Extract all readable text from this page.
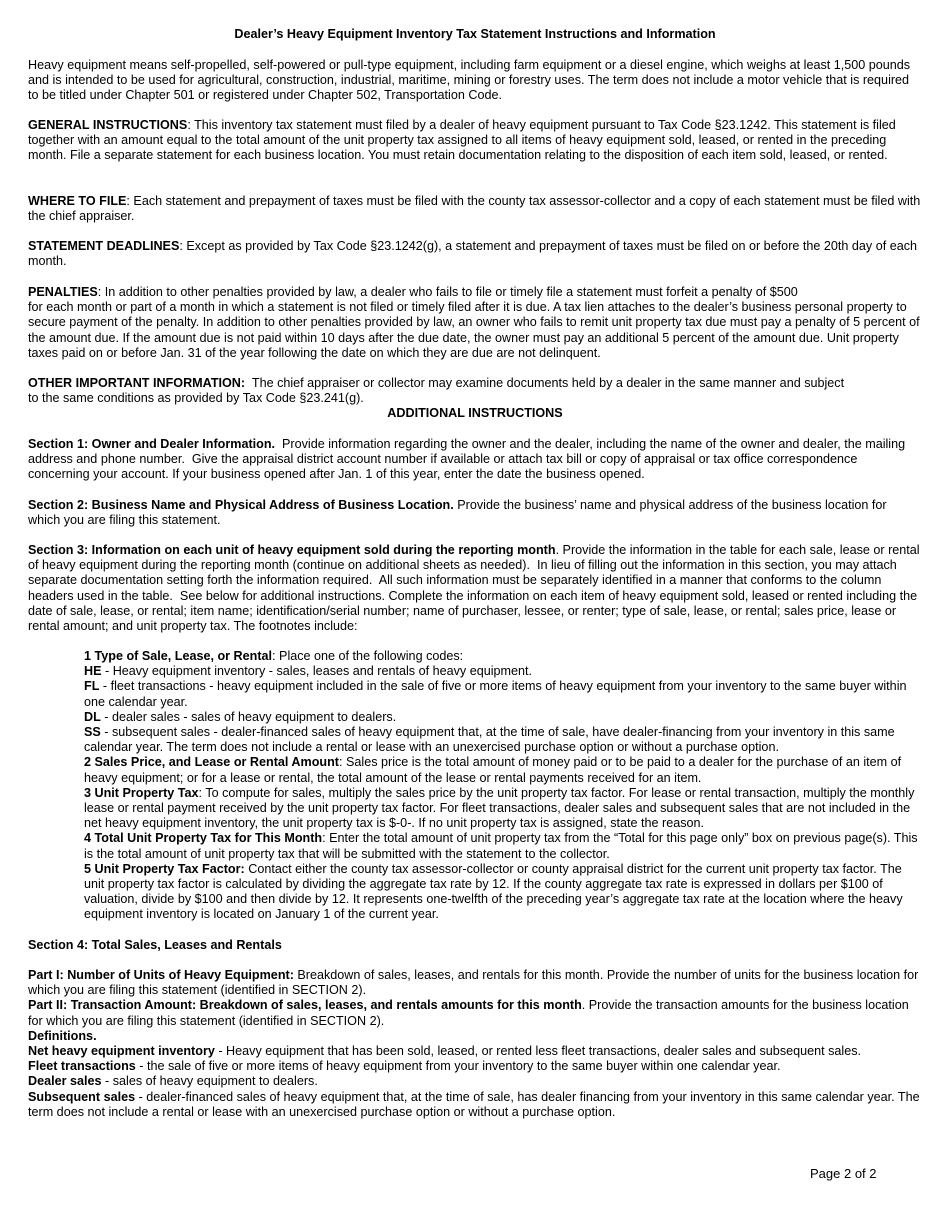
Dealer’s Heavy Equipment Inventory Tax Statement Instructions and Information

Heavy equipment means self-propelled, self-powered or pull-type equipment, including farm equipment or a diesel engine, which weighs at least 1,500 pounds and is intended to be used for agricultural, construction, industrial, maritime, mining or forestry uses. The term does not include a motor vehicle that is required to be titled under Chapter 501 or registered under Chapter 502, Transportation Code.

GENERAL INSTRUCTIONS: This inventory tax statement must filed by a dealer of heavy equipment pursuant to Tax Code §23.1242. This statement is filed together with an amount equal to the total amount of the unit property tax assigned to all items of heavy equipment sold, leased, or rented in the preceding month. File a separate statement for each business location. You must retain documentation relating to the disposition of each item sold, leased, or rented.

WHERE TO FILE: Each statement and prepayment of taxes must be filed with the county tax assessor-collector and a copy of each statement must be filed with the chief appraiser.

STATEMENT DEADLINES: Except as provided by Tax Code §23.1242(g), a statement and prepayment of taxes must be filed on or before the 20th day of each month.

PENALTIES: In addition to other penalties provided by law, a dealer who fails to file or timely file a statement must forfeit a penalty of $500
for each month or part of a month in which a statement is not filed or timely filed after it is due. A tax lien attaches to the dealer’s business personal property to secure payment of the penalty. In addition to other penalties provided by law, an owner who fails to remit unit property tax due must pay a penalty of 5 percent of the amount due. If the amount due is not paid within 10 days after the due date, the owner must pay an additional 5 percent of the amount due. Unit property taxes paid on or before Jan. 31 of the year following the date on which they are due are not delinquent.
OTHER IMPORTANT INFORMATION:  The chief appraiser or collector may examine documents held by a dealer in the same manner and subject
to the same conditions as provided by Tax Code §23.241(g).
ADDITIONAL INSTRUCTIONS

Section 1: Owner and Dealer Information.  Provide information regarding the owner and the dealer, including the name of the owner and dealer, the mailing address and phone number.  Give the appraisal district account number if available or attach tax bill or copy of appraisal or tax office correspondence concerning your account. If your business opened after Jan. 1 of this year, enter the date the business opened.

Section 2: Business Name and Physical Address of Business Location. Provide the business’ name and physical address of the business location for which you are filing this statement.

Section 3: Information on each unit of heavy equipment sold during the reporting month. Provide the information in the table for each sale, lease or rental of heavy equipment during the reporting month (continue on additional sheets as needed).  In lieu of filling out the information in this section, you may attach separate documentation setting forth the information required.  All such information must be separately identified in a manner that conforms to the column headers used in the table.  See below for additional instructions. Complete the information on each item of heavy equipment sold, leased or rented including the date of sale, lease, or rental; item name; identification/serial number; name of purchaser, lessee, or renter; type of sale, lease, or rental; sales price, lease or rental amount; and unit property tax. The footnotes include:

1 Type of Sale, Lease, or Rental: Place one of the following codes:
HE - Heavy equipment inventory - sales, leases and rentals of heavy equipment.
FL - fleet transactions - heavy equipment included in the sale of five or more items of heavy equipment from your inventory to the same buyer within one calendar year.
DL - dealer sales - sales of heavy equipment to dealers.
SS - subsequent sales - dealer-financed sales of heavy equipment that, at the time of sale, have dealer-financing from your inventory in this same calendar year. The term does not include a rental or lease with an unexercised purchase option or without a purchase option.
2 Sales Price, and Lease or Rental Amount: Sales price is the total amount of money paid or to be paid to a dealer for the purchase of an item of heavy equipment; or for a lease or rental, the total amount of the lease or rental payments received for an item.
3 Unit Property Tax: To compute for sales, multiply the sales price by the unit property tax factor. For lease or rental transaction, multiply the monthly lease or rental payment received by the unit property tax factor. For fleet transactions, dealer sales and subsequent sales that are not included in the net heavy equipment inventory, the unit property tax is $-0-. If no unit property tax is assigned, state the reason.
4 Total Unit Property Tax for This Month: Enter the total amount of unit property tax from the “Total for this page only” box on previous page(s). This is the total amount of unit property tax that will be submitted with the statement to the collector.
5 Unit Property Tax Factor: Contact either the county tax assessor-collector or county appraisal district for the current unit property tax factor. The unit property tax factor is calculated by dividing the aggregate tax rate by 12. If the county aggregate tax rate is expressed in dollars per $100 of valuation, divide by $100 and then divide by 12. It represents one-twelfth of the preceding year’s aggregate tax rate at the location where the heavy equipment inventory is located on January 1 of the current year.
Section 4: Total Sales, Leases and Rentals
Part I: Number of Units of Heavy Equipment: Breakdown of sales, leases, and rentals for this month. Provide the number of units for the business location for which you are filing this statement (identified in SECTION 2).
Part II: Transaction Amount: Breakdown of sales, leases, and rentals amounts for this month. Provide the transaction amounts for the business location for which you are filing this statement (identified in SECTION 2).
Definitions.
Net heavy equipment inventory - Heavy equipment that has been sold, leased, or rented less fleet transactions, dealer sales and subsequent sales.
Fleet transactions - the sale of five or more items of heavy equipment from your inventory to the same buyer within one calendar year.
Dealer sales - sales of heavy equipment to dealers.
Subsequent sales - dealer-financed sales of heavy equipment that, at the time of sale, has dealer financing from your inventory in this same calendar year. The term does not include a rental or lease with an unexercised purchase option or without a purchase option.
Page 2 of 2
